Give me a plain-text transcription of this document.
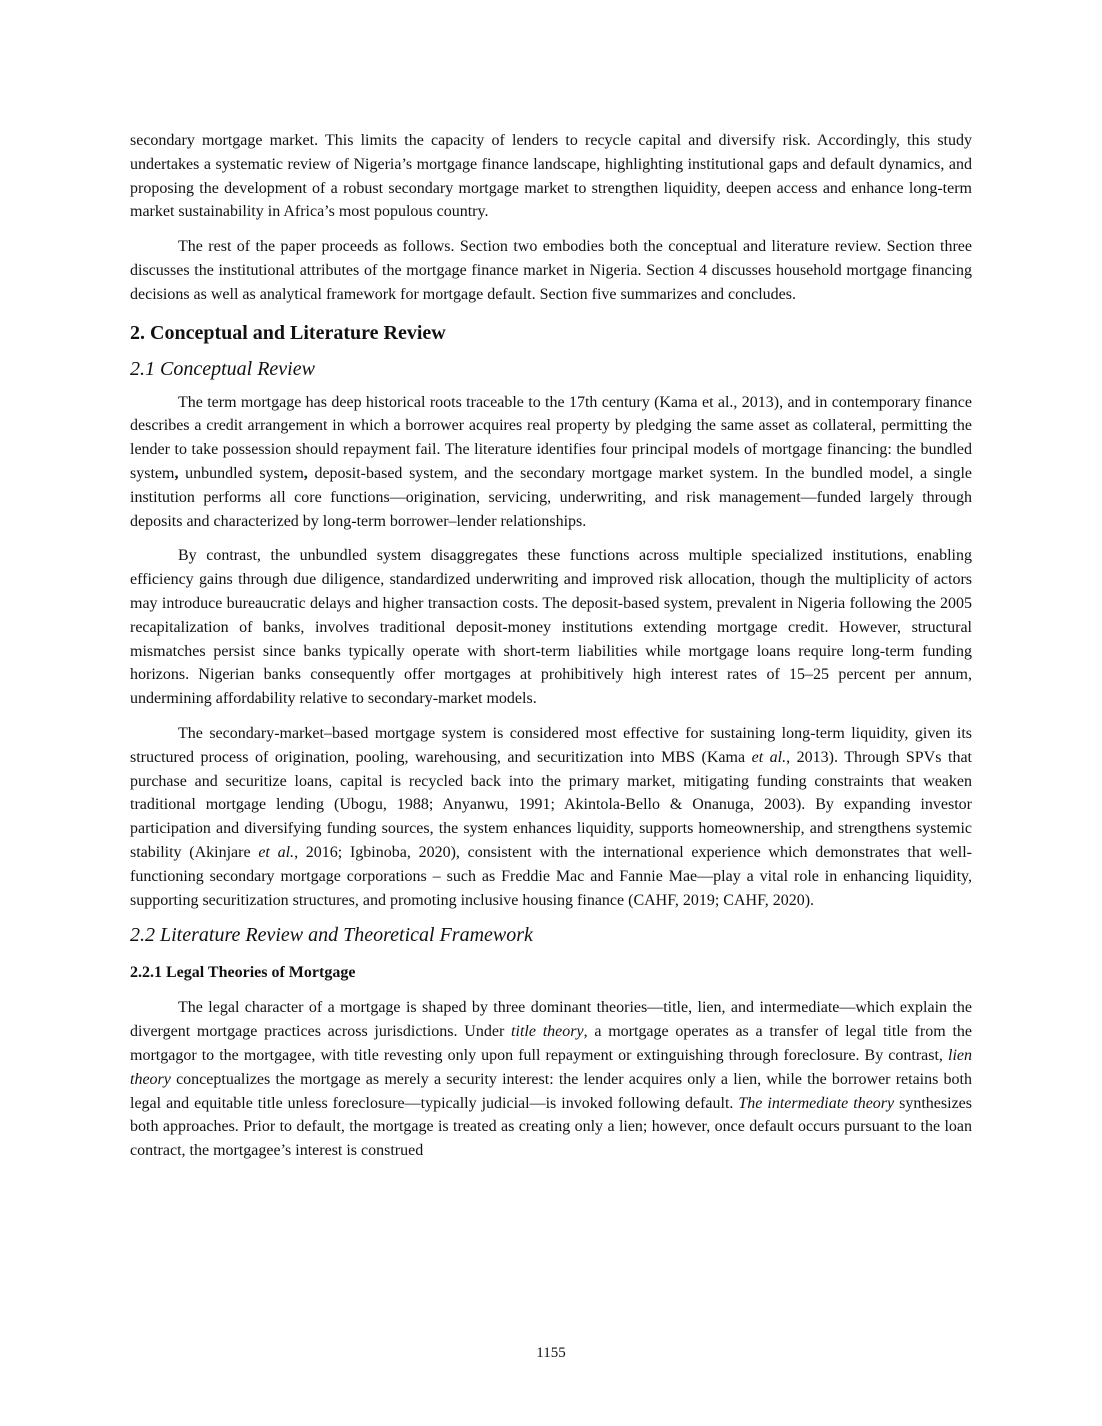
secondary mortgage market. This limits the capacity of lenders to recycle capital and diversify risk. Accordingly, this study undertakes a systematic review of Nigeria’s mortgage finance landscape, highlighting institutional gaps and default dynamics, and proposing the development of a robust secondary mortgage market to strengthen liquidity, deepen access and enhance long-term market sustainability in Africa’s most populous country.

The rest of the paper proceeds as follows. Section two embodies both the conceptual and literature review. Section three discusses the institutional attributes of the mortgage finance market in Nigeria. Section 4 discusses household mortgage financing decisions as well as analytical framework for mortgage default. Section five summarizes and concludes.

2. Conceptual and Literature Review
2.1 Conceptual Review

The term mortgage has deep historical roots traceable to the 17th century (Kama et al., 2013), and in contemporary finance describes a credit arrangement in which a borrower acquires real property by pledging the same asset as collateral, permitting the lender to take possession should repayment fail. The literature identifies four principal models of mortgage financing: the bundled system, unbundled system, deposit-based system, and the secondary mortgage market system. In the bundled model, a single institution performs all core functions—origination, servicing, underwriting, and risk management—funded largely through deposits and characterized by long-term borrower–lender relationships.

By contrast, the unbundled system disaggregates these functions across multiple specialized institutions, enabling efficiency gains through due diligence, standardized underwriting and improved risk allocation, though the multiplicity of actors may introduce bureaucratic delays and higher transaction costs. The deposit-based system, prevalent in Nigeria following the 2005 recapitalization of banks, involves traditional deposit-money institutions extending mortgage credit. However, structural mismatches persist since banks typically operate with short-term liabilities while mortgage loans require long-term funding horizons. Nigerian banks consequently offer mortgages at prohibitively high interest rates of 15–25 percent per annum, undermining affordability relative to secondary-market models.

The secondary-market–based mortgage system is considered most effective for sustaining long-term liquidity, given its structured process of origination, pooling, warehousing, and securitization into MBS (Kama et al., 2013). Through SPVs that purchase and securitize loans, capital is recycled back into the primary market, mitigating funding constraints that weaken traditional mortgage lending (Ubogu, 1988; Anyanwu, 1991; Akintola-Bello & Onanuga, 2003). By expanding investor participation and diversifying funding sources, the system enhances liquidity, supports homeownership, and strengthens systemic stability (Akinjare et al., 2016; Igbinoba, 2020), consistent with the international experience which demonstrates that well-functioning secondary mortgage corporations – such as Freddie Mac and Fannie Mae—play a vital role in enhancing liquidity, supporting securitization structures, and promoting inclusive housing finance (CAHF, 2019; CAHF, 2020).

2.2 Literature Review and Theoretical Framework
2.2.1 Legal Theories of Mortgage

The legal character of a mortgage is shaped by three dominant theories—title, lien, and intermediate—which explain the divergent mortgage practices across jurisdictions. Under title theory, a mortgage operates as a transfer of legal title from the mortgagor to the mortgagee, with title revesting only upon full repayment or extinguishing through foreclosure. By contrast, lien theory conceptualizes the mortgage as merely a security interest: the lender acquires only a lien, while the borrower retains both legal and equitable title unless foreclosure—typically judicial—is invoked following default. The intermediate theory synthesizes both approaches. Prior to default, the mortgage is treated as creating only a lien; however, once default occurs pursuant to the loan contract, the mortgagee’s interest is construed

1155
